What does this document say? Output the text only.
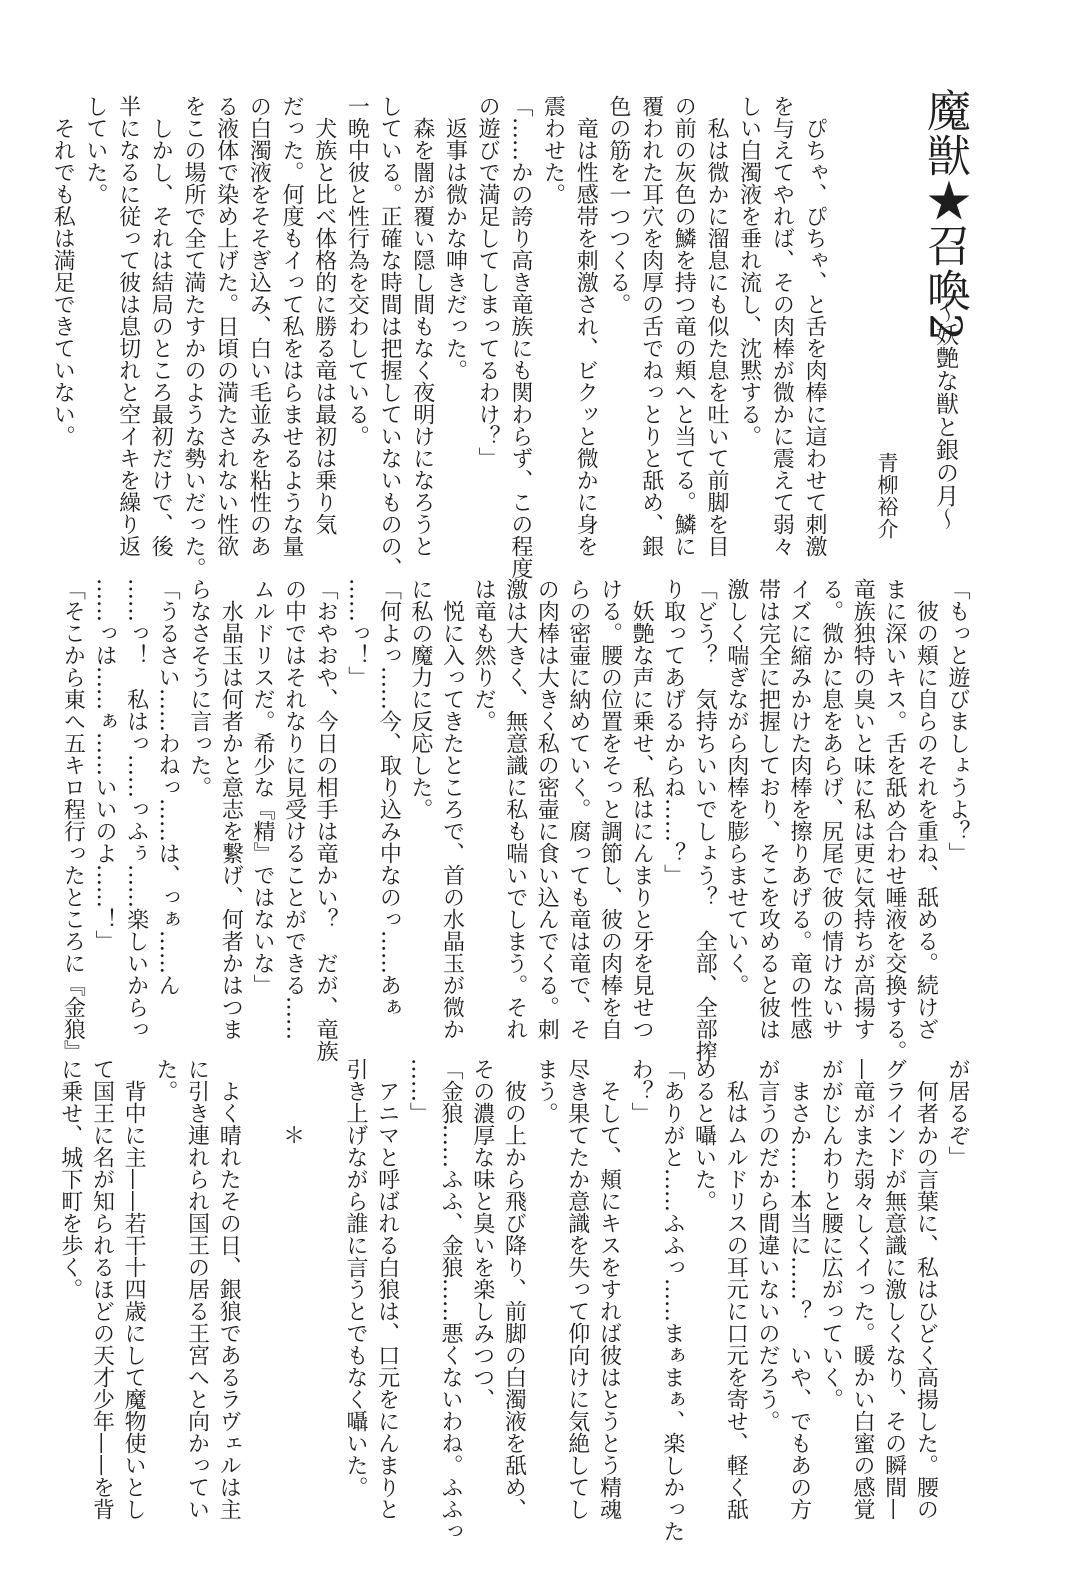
魔獣★召喚2
〜妖艶な獣と銀の月〜
青柳裕介
　ぴちゃ、ぴちゃ、と舌を肉棒に這わせて刺激
を与えてやれば、その肉棒が微かに震えて弱々
しい白濁液を垂れ流し、沈黙する。
　私は微かに溜息にも似た息を吐いて前脚を目
の前の灰色の鱗を持つ竜の頬へと当てる。鱗に
覆われた耳穴を肉厚の舌でねっとりと舐め、銀
色の筋を一つつくる。
　竜は性感帯を刺激され、ビクッと微かに身を
震わせた。
「……かの誇り高き竜族にも関わらず、この程度
の遊びで満足してしまってるわけ？」
　返事は微かな呻きだった。
　森を闇が覆い隠し間もなく夜明けになろうと
している。正確な時間は把握していないものの、
一晩中彼と性行為を交わしている。
　犬族と比べ体格的に勝る竜は最初は乗り気
だった。何度もイって私をはらませるような量
の白濁液をそそぎ込み、白い毛並みを粘性のあ
る液体で染め上げた。日頃の満たされない性欲
をこの場所で全て満たすかのような勢いだった。
　しかし、それは結局のところ最初だけで、後
半になるに従って彼は息切れと空イキを繰り返
していた。
　それでも私は満足できていない。
「もっと遊びましょうよ？」
　彼の頬に自らのそれを重ね、舐める。続けざ
まに深いキス。舌を舐め合わせ唾液を交換する。
竜族独特の臭いと味に私は更に気持ちが高揚す
る。微かに息をあらげ、尻尾で彼の情けないサ
イズに縮みかけた肉棒を擦りあげる。竜の性感
帯は完全に把握しており、そこを攻めると彼は
激しく喘ぎながら肉棒を膨らませていく。
「どう？　気持ちいいでしょう？　全部、全部搾
り取ってあげるからね……？」
　妖艶な声に乗せ、私はにんまりと牙を見せつ
ける。腰の位置をそっと調節し、彼の肉棒を自
らの密壷に納めていく。腐っても竜は竜で、そ
の肉棒は大きく私の密壷に食い込んでくる。刺
激は大きく、無意識に私も喘いでしまう。それ
は竜も然りだ。
　悦に入ってきたところで、首の水晶玉が微か
に私の魔力に反応した。
「何よっ……今、取り込み中なのっ……あぁ
……っ！」
「おやおや、今日の相手は竜かい？　だが、竜族
の中ではそれなりに見受けることができる……
ムルドリスだ。希少な『精』ではないな」
　水晶玉は何者かと意志を繋げ、何者かはつま
らなさそうに言った。
「うるさい……わねっ……は、っぁ……ん
……っ！　私はっ……っふぅ……楽しいからっ
……っは……ぁ……いいのよ……！」
「そこから東へ五キロ程行ったところに『金狼』
が居るぞ」
　何者かの言葉に、私はひどく高揚した。腰の
グラインドが無意識に激しくなり、その瞬間—
—竜がまた弱々しくイった。暖かい白蜜の感覚
ががじんわりと腰に広がっていく。
　まさか……本当に……？　いや、でもあの方
が言うのだから間違いないのだろう。
　私はムルドリスの耳元に口元を寄せ、軽く舐
めると囁いた。
「ありがと……ふふっ……まぁまぁ、楽しかった
わ？」
　そして、頬にキスをすれば彼はとうとう精魂
尽き果てたか意識を失って仰向けに気絶してし
まう。
　彼の上から飛び降り、前脚の白濁液を舐め、
その濃厚な味と臭いを楽しみつつ、
「金狼……ふふ、金狼……悪くないわね。ふふっ
……」
　アニマと呼ばれる白狼は、口元をにんまりと
引き上げながら誰に言うとでもなく囁いた。
　　　＊
　よく晴れたその日、銀狼であるラヴェルは主
に引き連れられ国王の居る王宮へと向かってい
た。
　背中に主——若干十四歳にして魔物使いとし
て国王に名が知られるほどの天才少年——を背
に乗せ、城下町を歩く。
